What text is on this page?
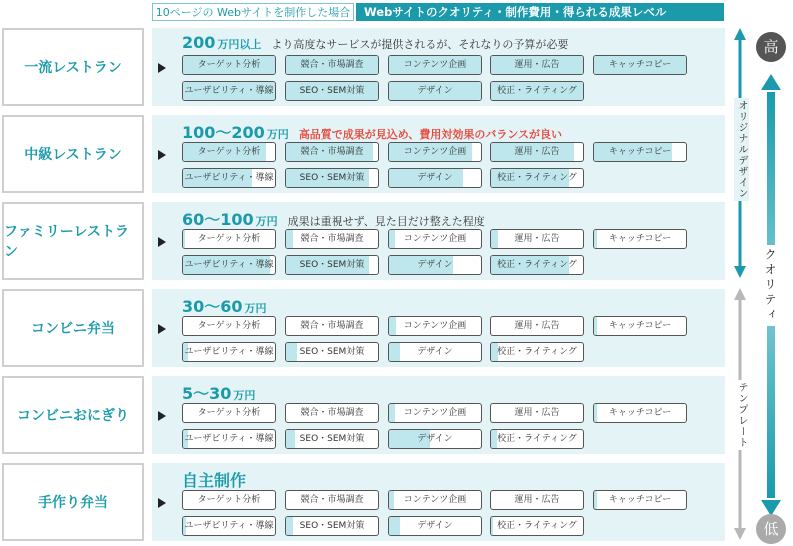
10ページの Webサイトを制作した場合	Webサイトのクオリティ・制作費用・得られる成果レベル
一流レストラン
200 万円以上 より高度なサービスが提供されるが、それなりの予算が必要
ターゲット分析	競合・市場調査	コンテンツ企画	運用・広告	キャッチコピー
ユーザビリティ・導線	SEO・SEM対策	デザイン	校正・ライティング
中級レストラン
100〜200 万円 高品質で成果が見込め、費用対効果のバランスが良い
ターゲット分析	競合・市場調査	コンテンツ企画	運用・広告	キャッチコピー
ユーザビリティ・導線	SEO・SEM対策	デザイン	校正・ライティング
ファミリーレストラン
60〜100 万円 成果は重視せず、見た目だけ整えた程度
ターゲット分析	競合・市場調査	コンテンツ企画	運用・広告	キャッチコピー
ユーザビリティ・導線	SEO・SEM対策	デザイン	校正・ライティング
コンビニ弁当
30〜60 万円
ターゲット分析	競合・市場調査	コンテンツ企画	運用・広告	キャッチコピー
ユーザビリティ・導線	SEO・SEM対策	デザイン	校正・ライティング
コンビニおにぎり
5〜30 万円
ターゲット分析	競合・市場調査	コンテンツ企画	運用・広告	キャッチコピー
ユーザビリティ・導線	SEO・SEM対策	デザイン	校正・ライティング
手作り弁当
自主制作
ターゲット分析	競合・市場調査	コンテンツ企画	運用・広告	キャッチコピー
ユーザビリティ・導線	SEO・SEM対策	デザイン	校正・ライティング
オリジナルデザイン
テンプレート
クオリティ
高
低
